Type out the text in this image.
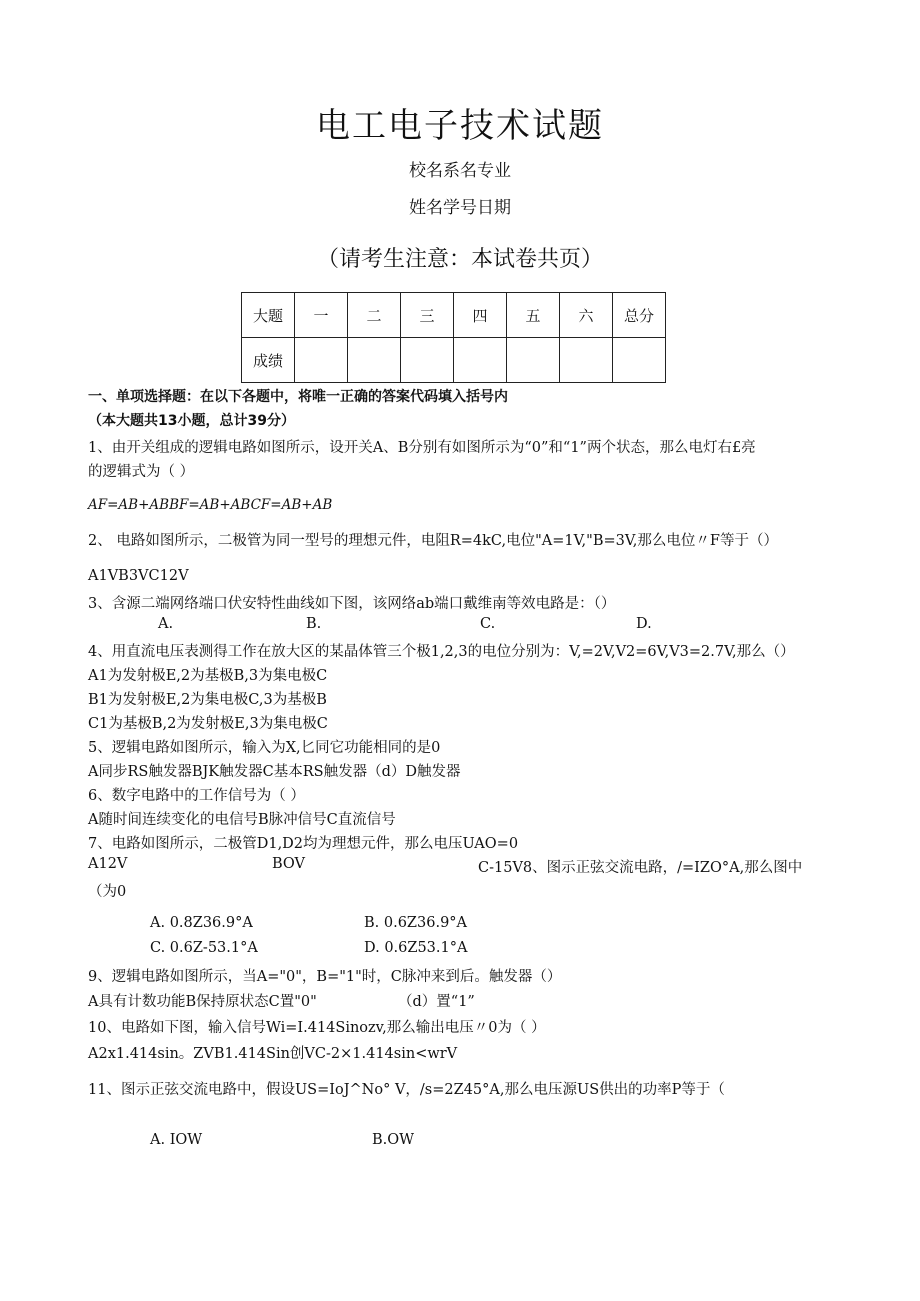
电工电子技术试题
校名系名专业
姓名学号日期
（请考生注意：本试卷共页）
大题	一	二	三	四	五	六	总分
成绩							
一、单项选择题：在以下各题中，将唯一正确的答案代码填入括号内
（本大题共13小题，总计39分）
1、由开关组成的逻辑电路如图所示，设开关A、B分别有如图所示为“0”和“1”两个状态，那么电灯右£亮
的逻辑式为（ ）
AF=AB+ABBF=AB+ABCF=AB+AB
2、 电路如图所示，二极管为同一型号的理想元件，电阻R=4kC,电位"A=1V,"B=3V,那么电位〃F等于（）
A1VB3VC12V
3、含源二端网络端口伏安特性曲线如下图，该网络ab端口戴维南等效电路是：（）
A.	B.	C.	D.
4、用直流电压表测得工作在放大区的某晶体管三个极1,2,3的电位分别为：V,=2V,V2=6V,V3=2.7V,那么（）
A1为发射极E,2为基极B,3为集电极C
B1为发射极E,2为集电极C,3为基极B
C1为基极B,2为发射极E,3为集电极C
5、逻辑电路如图所示，输入为X,匕同它功能相同的是0
A同步RS触发器BJK触发器C基本RS触发器（d）D触发器
6、数字电路中的工作信号为（ ）
A随时间连续变化的电信号B脉冲信号C直流信号
7、电路如图所示，二极管D1,D2均为理想元件，那么电压UAO=0
A12V	BOV	C-15V8、图示正弦交流电路，/=IZO°A,那么图中
（为0
A. 0.8Z36.9°A	B. 0.6Z36.9°A
C. 0.6Z-53.1°A	D. 0.6Z53.1°A
9、逻辑电路如图所示，当A="0"，B="1"时，C脉冲来到后。触发器（）
A具有计数功能B保持原状态C置"0"	（d）置“1”
10、电路如下图，输入信号Wi=I.414Sinozv,那么输出电压〃0为（ ）
A2x1.414sin。ZVB1.414Sin创VC-2×1.414sin<wrV
11、图示正弦交流电路中，假设US=IoJ^No° V，/s=2Z45°A,那么电压源US供出的功率P等于（
A. IOW	B.OW
